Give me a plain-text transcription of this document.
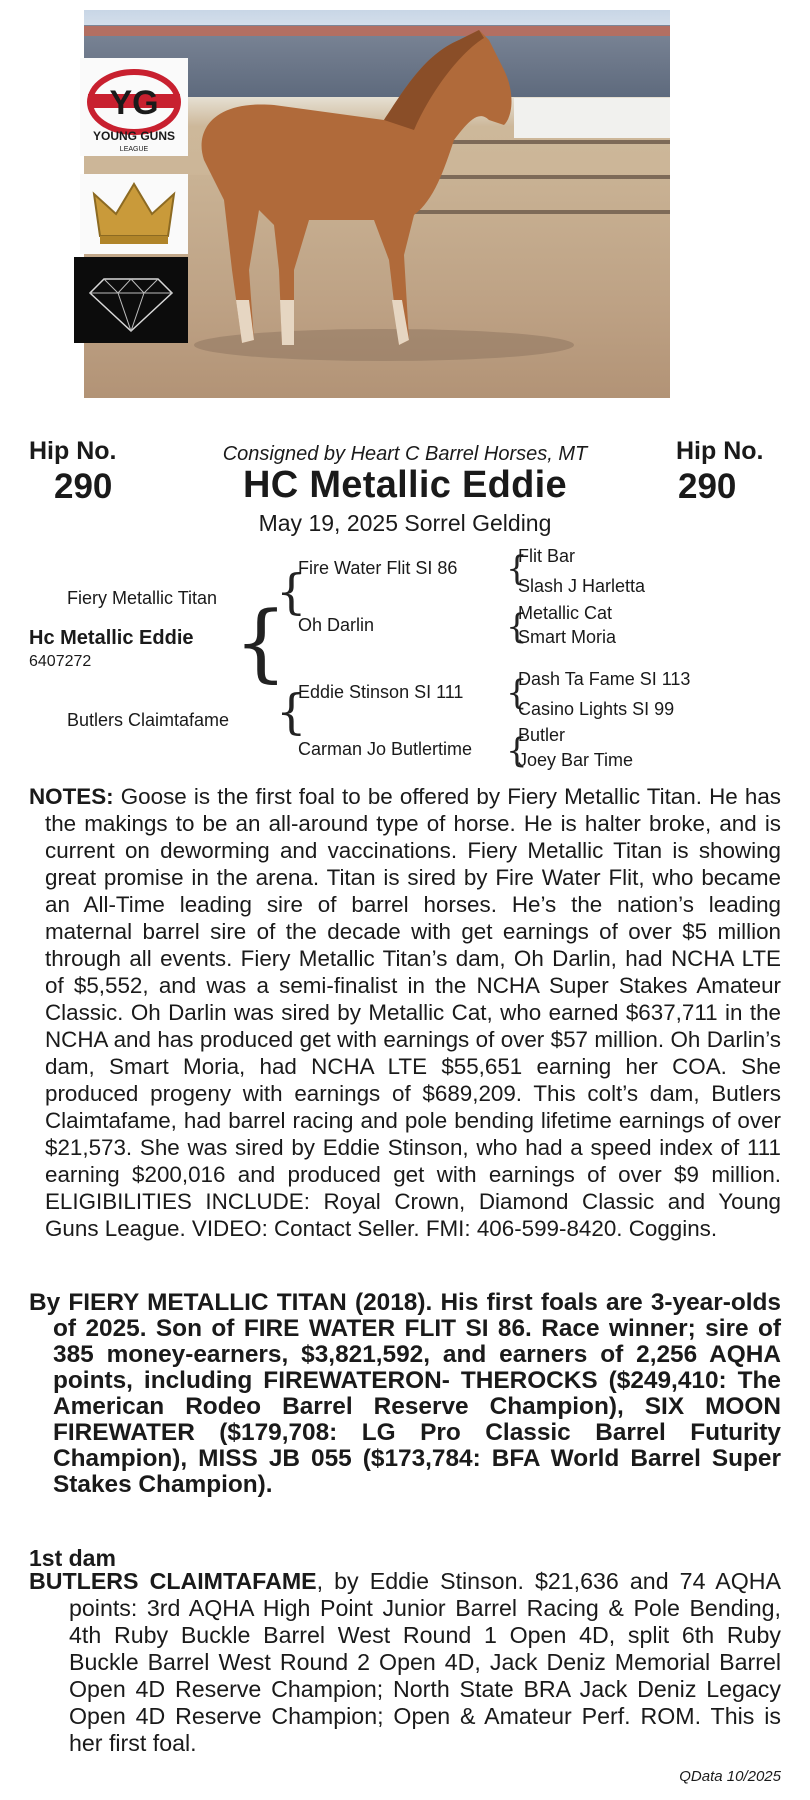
YG
YOUNG GUNS
LEAGUE
Hip No.
290
Hip No.
290
Consigned by Heart C Barrel Horses, MT
HC Metallic Eddie
May 19, 2025 Sorrel Gelding
Fiery Metallic Titan
Hc Metallic Eddie
6407272
Butlers Claimtafame
{
{
{
Fire Water Flit SI 86
Oh Darlin
Eddie Stinson SI 111
Carman Jo Butlertime
{
{
{
{
Flit Bar
Slash J Harletta
Metallic Cat
Smart Moria
Dash Ta Fame SI 113
Casino Lights SI 99
Butler
Joey Bar Time

NOTES: Goose is the first foal to be offered by Fiery Metallic Titan. He has the makings to be an all-around type of horse. He is halter broke, and is current on deworming and vaccinations. Fiery Metallic Titan is showing great promise in the arena. Titan is sired by Fire Water Flit, who became an All-Time leading sire of barrel horses. He’s the nation’s leading maternal barrel sire of the decade with get earnings of over $5 million through all events. Fiery Metallic Titan’s dam, Oh Darlin, had NCHA LTE of $5,552, and was a semi-finalist in the NCHA Super Stakes Amateur Classic. Oh Darlin was sired by Metallic Cat, who earned $637,711 in the NCHA and has produced get with earnings of over $57 million. Oh Darlin’s dam, Smart Moria, had NCHA LTE $55,651 earning her COA. She produced progeny with earnings of $689,209. This colt’s dam, Butlers Claimtafame, had barrel racing and pole bending lifetime earnings of over $21,573. She was sired by Eddie Stinson, who had a speed index of 111 earning $200,016 and produced get with earnings of over $9 million. ELIGIBILITIES INCLUDE: Royal Crown, Diamond Classic and Young Guns League. VIDEO: Contact Seller. FMI: 406-599-8420. Coggins.

By FIERY METALLIC TITAN (2018). His first foals are 3-year-olds of 2025. Son of FIRE WATER FLIT SI 86. Race winner; sire of 385 money-earners, $3,821,592, and earners of 2,256 AQHA points, including FIREWATERON- THEROCKS ($249,410: The American Rodeo Barrel Reserve Champion), SIX MOON FIREWATER ($179,708: LG Pro Classic Barrel Futurity Champion), MISS JB 055 ($173,784: BFA World Barrel Super Stakes Champion).

1st dam

BUTLERS CLAIMTAFAME, by Eddie Stinson. $21,636 and 74 AQHA points: 3rd AQHA High Point Junior Barrel Racing & Pole Bending, 4th Ruby Buckle Barrel West Round 1 Open 4D, split 6th Ruby Buckle Barrel West Round 2 Open 4D, Jack Deniz Memorial Barrel Open 4D Reserve Champion; North State BRA Jack Deniz Legacy Open 4D Reserve Champion; Open & Amateur Perf. ROM. This is her first foal.

QData 10/2025
